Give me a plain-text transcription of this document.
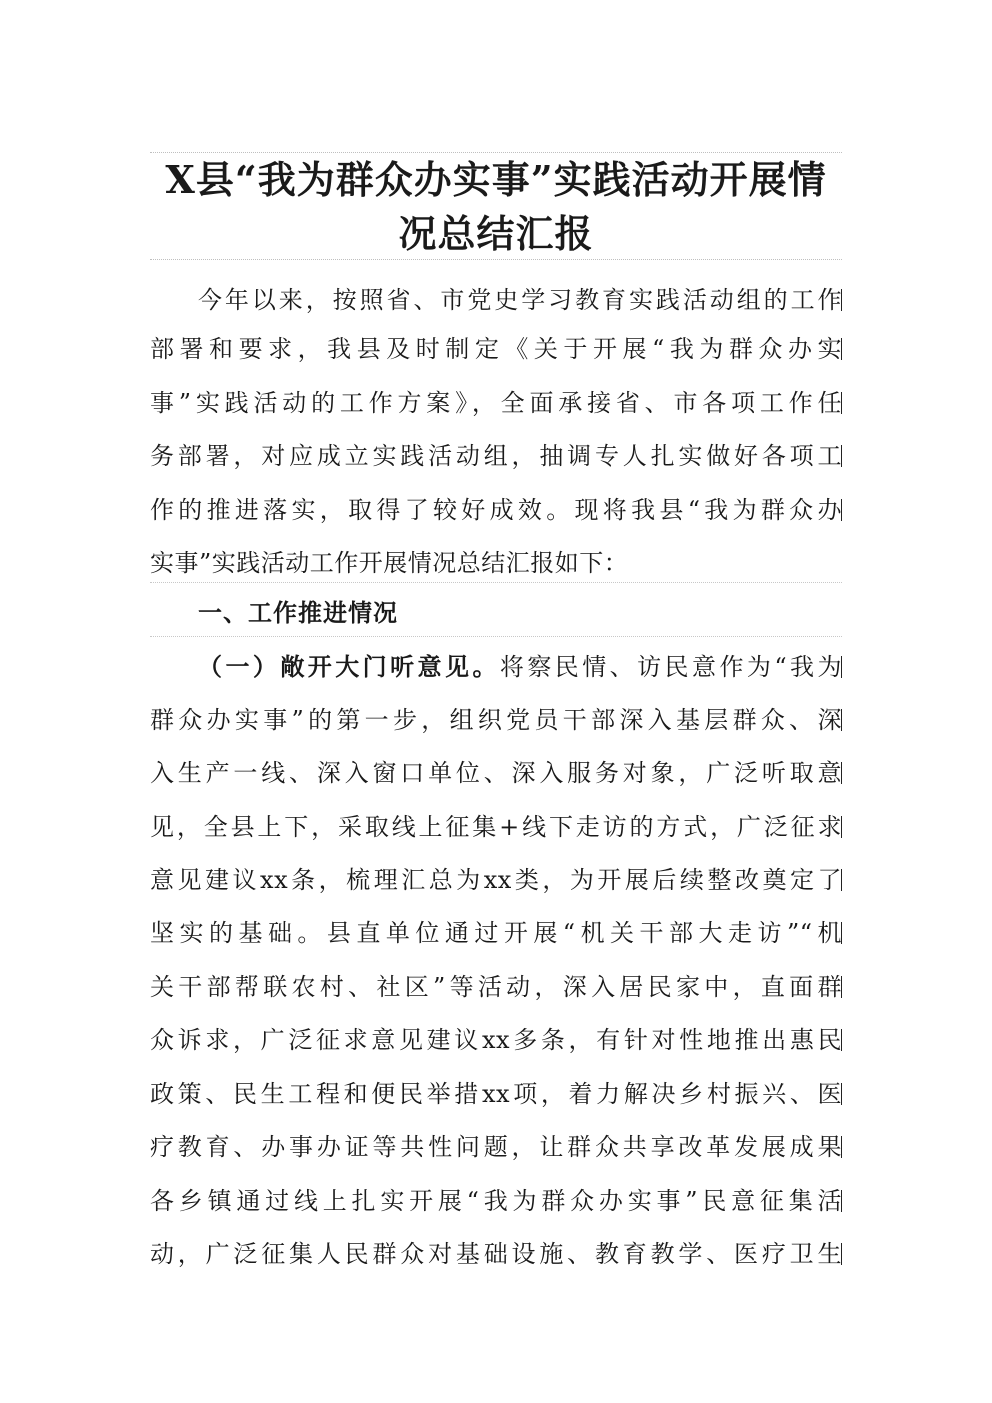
X县“我为群众办实事”实践活动开展情
况总结汇报
今年以来，按照省、市党史学习教育实践活动组的工作
部署和要求，我县及时制定《关于开展“我为群众办实
事”实践活动的工作方案》，全面承接省、市各项工作任
务部署，对应成立实践活动组，抽调专人扎实做好各项工
作的推进落实，取得了较好成效。现将我县“我为群众办
实事”实践活动工作开展情况总结汇报如下：
一、工作推进情况
（一）敞开大门听意见。将察民情、访民意作为“我为
群众办实事”的第一步，组织党员干部深入基层群众、深
入生产一线、深入窗口单位、深入服务对象，广泛听取意
见，全县上下，采取线上征集+线下走访的方式，广泛征求
意见建议xx条，梳理汇总为xx类，为开展后续整改奠定了
坚实的基础。县直单位通过开展“机关干部大走访”“机
关干部帮联农村、社区”等活动，深入居民家中，直面群
众诉求，广泛征求意见建议xx多条，有针对性地推出惠民
政策、民生工程和便民举措xx项，着力解决乡村振兴、医
疗教育、办事办证等共性问题，让群众共享改革发展成果
各乡镇通过线上扎实开展“我为群众办实事”民意征集活
动，广泛征集人民群众对基础设施、教育教学、医疗卫生
